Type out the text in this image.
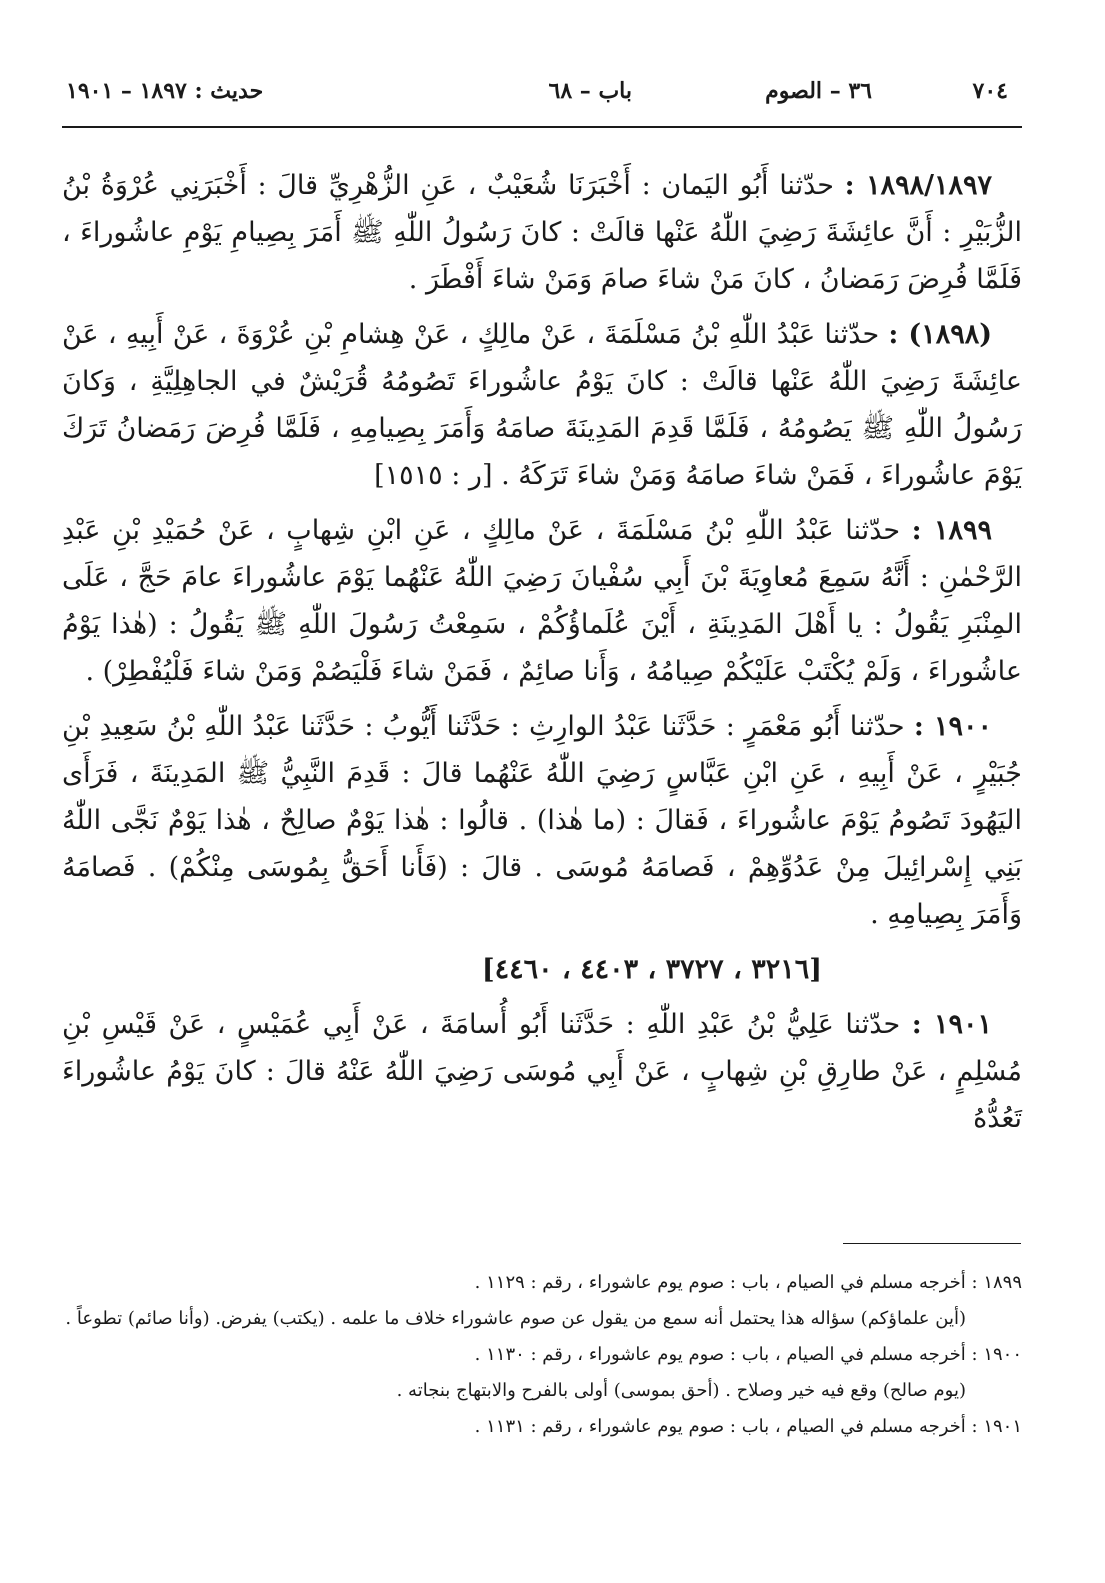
٧٠٤
٣٦ – الصوم
باب – ٦٨
حديث : ١٨٩٧ – ١٩٠١

١٨٩٨/١٨٩٧ : حدّثنا أَبُو اليَمان : أَخْبَرَنَا شُعَيْبٌ ، عَنِ الزُّهْرِيِّ قالَ : أَخْبَرَنِي عُرْوَةُ بْنُ الزُّبَيْرِ : أَنَّ عائِشَةَ رَضِيَ اللّٰهُ عَنْها قالَتْ : كانَ رَسُولُ اللّٰهِ ﷺ أَمَرَ بِصِيامِ يَوْمِ عاشُوراءَ ، فَلَمَّا فُرِضَ رَمَضانُ ، كانَ مَنْ شاءَ صامَ وَمَنْ شاءَ أَفْطَرَ .

(١٨٩٨) : حدّثنا عَبْدُ اللّٰهِ بْنُ مَسْلَمَةَ ، عَنْ مالِكٍ ، عَنْ هِشامِ بْنِ عُرْوَةَ ، عَنْ أَبِيهِ ، عَنْ عائِشَةَ رَضِيَ اللّٰهُ عَنْها قالَتْ : كانَ يَوْمُ عاشُوراءَ تَصُومُهُ قُرَيْشٌ في الجاهِلِيَّةِ ، وَكانَ رَسُولُ اللّٰهِ ﷺ يَصُومُهُ ، فَلَمَّا قَدِمَ المَدِينَةَ صامَهُ وَأَمَرَ بِصِيامِهِ ، فَلَمَّا فُرِضَ رَمَضانُ تَرَكَ يَوْمَ عاشُوراءَ ، فَمَنْ شاءَ صامَهُ وَمَنْ شاءَ تَرَكَهُ . [ر : ١٥١٥]

١٨٩٩ : حدّثنا عَبْدُ اللّٰهِ بْنُ مَسْلَمَةَ ، عَنْ مالِكٍ ، عَنِ ابْنِ شِهابٍ ، عَنْ حُمَيْدِ بْنِ عَبْدِ الرَّحْمٰنِ : أَنَّهُ سَمِعَ مُعاوِيَةَ بْنَ أَبِي سُفْيانَ رَضِيَ اللّٰهُ عَنْهُما يَوْمَ عاشُوراءَ عامَ حَجَّ ، عَلَى المِنْبَرِ يَقُولُ : يا أَهْلَ المَدِينَةِ ، أَيْنَ عُلَماؤُكُمْ ، سَمِعْتُ رَسُولَ اللّٰهِ ﷺ يَقُولُ : (هٰذا يَوْمُ عاشُوراءَ ، وَلَمْ يُكْتَبْ عَلَيْكُمْ صِيامُهُ ، وَأَنا صائِمٌ ، فَمَنْ شاءَ فَلْيَصُمْ وَمَنْ شاءَ فَلْيُفْطِرْ) .

١٩٠٠ : حدّثنا أَبُو مَعْمَرٍ : حَدَّثَنا عَبْدُ الوارِثِ : حَدَّثَنا أَيُّوبُ : حَدَّثَنا عَبْدُ اللّٰهِ بْنُ سَعِيدِ بْنِ جُبَيْرٍ ، عَنْ أَبِيهِ ، عَنِ ابْنِ عَبَّاسٍ رَضِيَ اللّٰهُ عَنْهُما قالَ : قَدِمَ النَّبِيُّ ﷺ المَدِينَةَ ، فَرَأَى اليَهُودَ تَصُومُ يَوْمَ عاشُوراءَ ، فَقالَ : (ما هٰذا) . قالُوا : هٰذا يَوْمٌ صالِحٌ ، هٰذا يَوْمٌ نَجَّى اللّٰهُ بَنِي إِسْرائِيلَ مِنْ عَدُوِّهِمْ ، فَصامَهُ مُوسَى . قالَ : (فَأَنا أَحَقُّ بِمُوسَى مِنْكُمْ) . فَصامَهُ وَأَمَرَ بِصِيامِهِ .

[٣٢١٦ ، ٣٧٢٧ ، ٤٤٠٣ ، ٤٤٦٠]

١٩٠١ : حدّثنا عَلِيُّ بْنُ عَبْدِ اللّٰهِ : حَدَّثَنا أَبُو أُسامَةَ ، عَنْ أَبِي عُمَيْسٍ ، عَنْ قَيْسِ بْنِ مُسْلِمٍ ، عَنْ طارِقِ بْنِ شِهابٍ ، عَنْ أَبِي مُوسَى رَضِيَ اللّٰهُ عَنْهُ قالَ : كانَ يَوْمُ عاشُوراءَ تَعُدُّهُ

١٨٩٩ : أخرجه مسلم في الصيام ، باب : صوم يوم عاشوراء ، رقم : ١١٢٩ .

(أين علماؤكم) سؤاله هذا يحتمل أنه سمع من يقول عن صوم عاشوراء خلاف ما علمه . (يكتب) يفرض. (وأنا صائم) تطوعاً .

١٩٠٠ : أخرجه مسلم في الصيام ، باب : صوم يوم عاشوراء ، رقم : ١١٣٠ .

(يوم صالح) وقع فيه خير وصلاح . (أحق بموسى) أولى بالفرح والابتهاج بنجاته .

١٩٠١ : أخرجه مسلم في الصيام ، باب : صوم يوم عاشوراء ، رقم : ١١٣١ .
